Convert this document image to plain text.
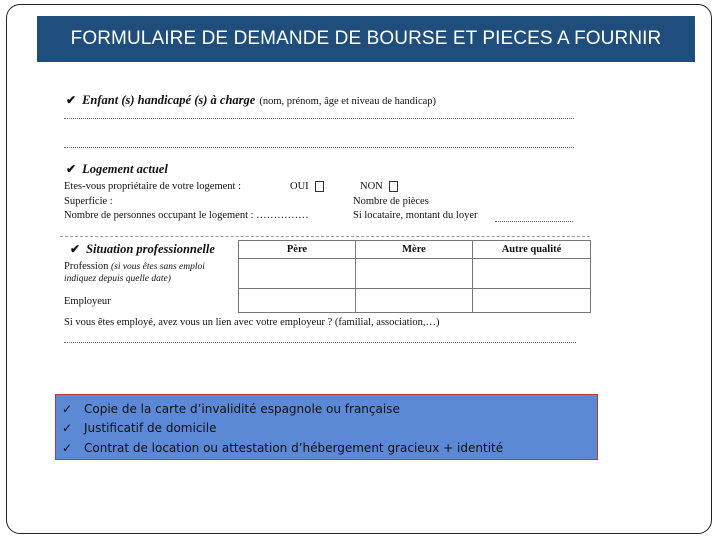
FORMULAIRE DE DEMANDE DE BOURSE ET PIECES A FOURNIR
✔ Enfant (s) handicapé (s) à charge (nom, prénom, âge et niveau de handicap)
✔ Logement actuel
Etes-vous propriétaire de votre logement :	OUI	NON
Superficie :	Nombre de pièces
Nombre de personnes occupant le logement : ……………	Si locataire, montant du loyer
✔ Situation professionnelle	Père	Mère	Autre qualité

Profession (si vous êtes sans emploi indiquez depuis quelle date)
Employeur
Si vous êtes employé, avez vous un lien avec votre employeur ? (familial, association,…)
✓ Copie de la carte d’invalidité espagnole ou française
✓ Justificatif de domicile
✓ Contrat de location ou attestation d’hébergement gracieux + identité
